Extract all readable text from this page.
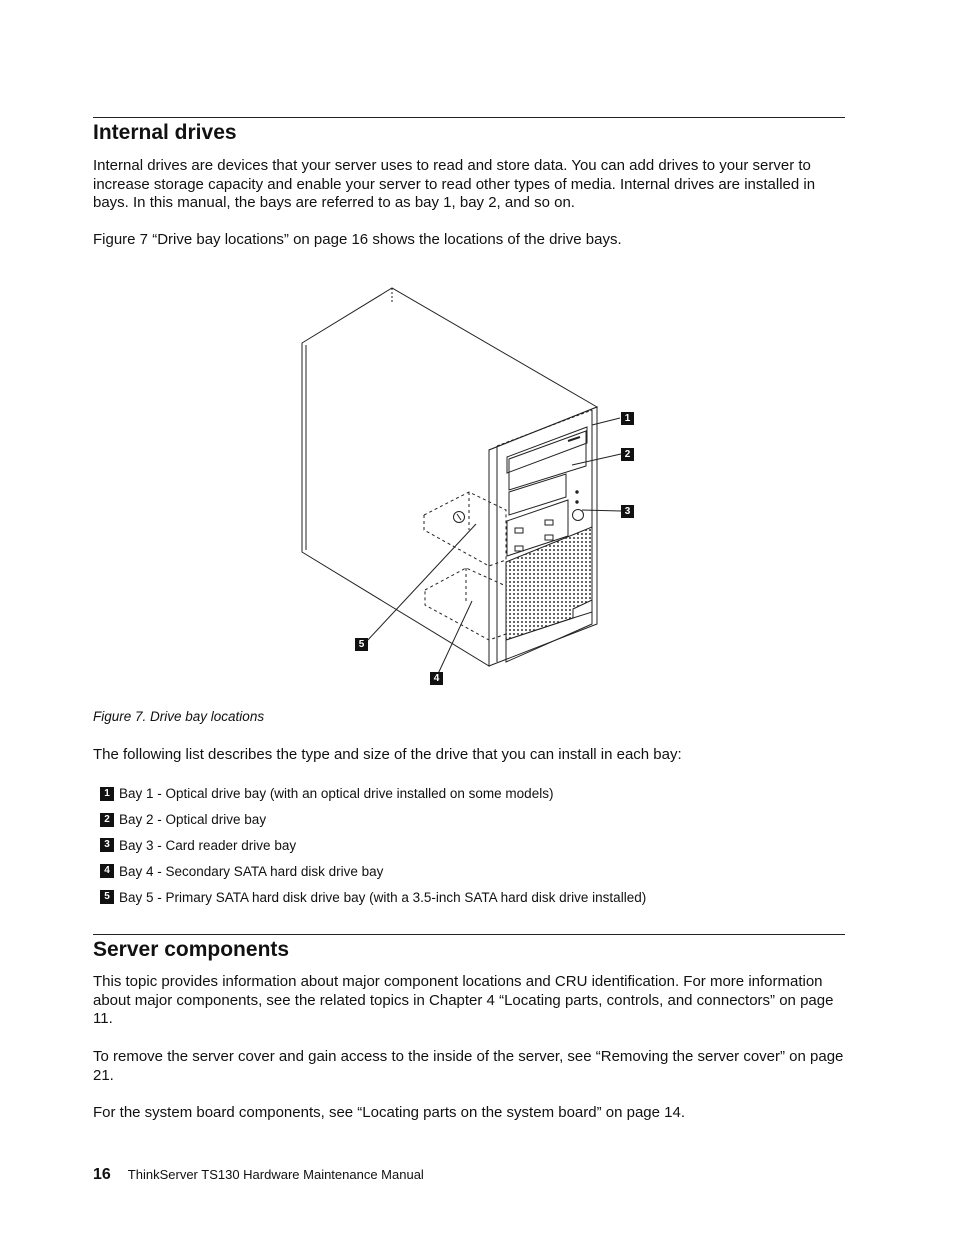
Internal drives

Internal drives are devices that your server uses to read and store data. You can add drives to your server to increase storage capacity and enable your server to read other types of media. Internal drives are installed in bays. In this manual, the bays are referred to as bay 1, bay 2, and so on.

Figure 7 “Drive bay locations” on page 16 shows the locations of the drive bays.

1
2
3
4
5
Figure 7. Drive bay locations

The following list describes the type and size of the drive that you can install in each bay:

1 Bay 1 - Optical drive bay (with an optical drive installed on some models)
2 Bay 2 - Optical drive bay
3 Bay 3 - Card reader drive bay
4 Bay 4 - Secondary SATA hard disk drive bay
5 Bay 5 - Primary SATA hard disk drive bay (with a 3.5-inch SATA hard disk drive installed)
Server components

This topic provides information about major component locations and CRU identification. For more information about major components, see the related topics in Chapter 4 “Locating parts, controls, and connectors” on page 11.

To remove the server cover and gain access to the inside of the server, see “Removing the server cover” on page 21.

For the system board components, see “Locating parts on the system board” on page 14.

16 ThinkServer TS130 Hardware Maintenance Manual
